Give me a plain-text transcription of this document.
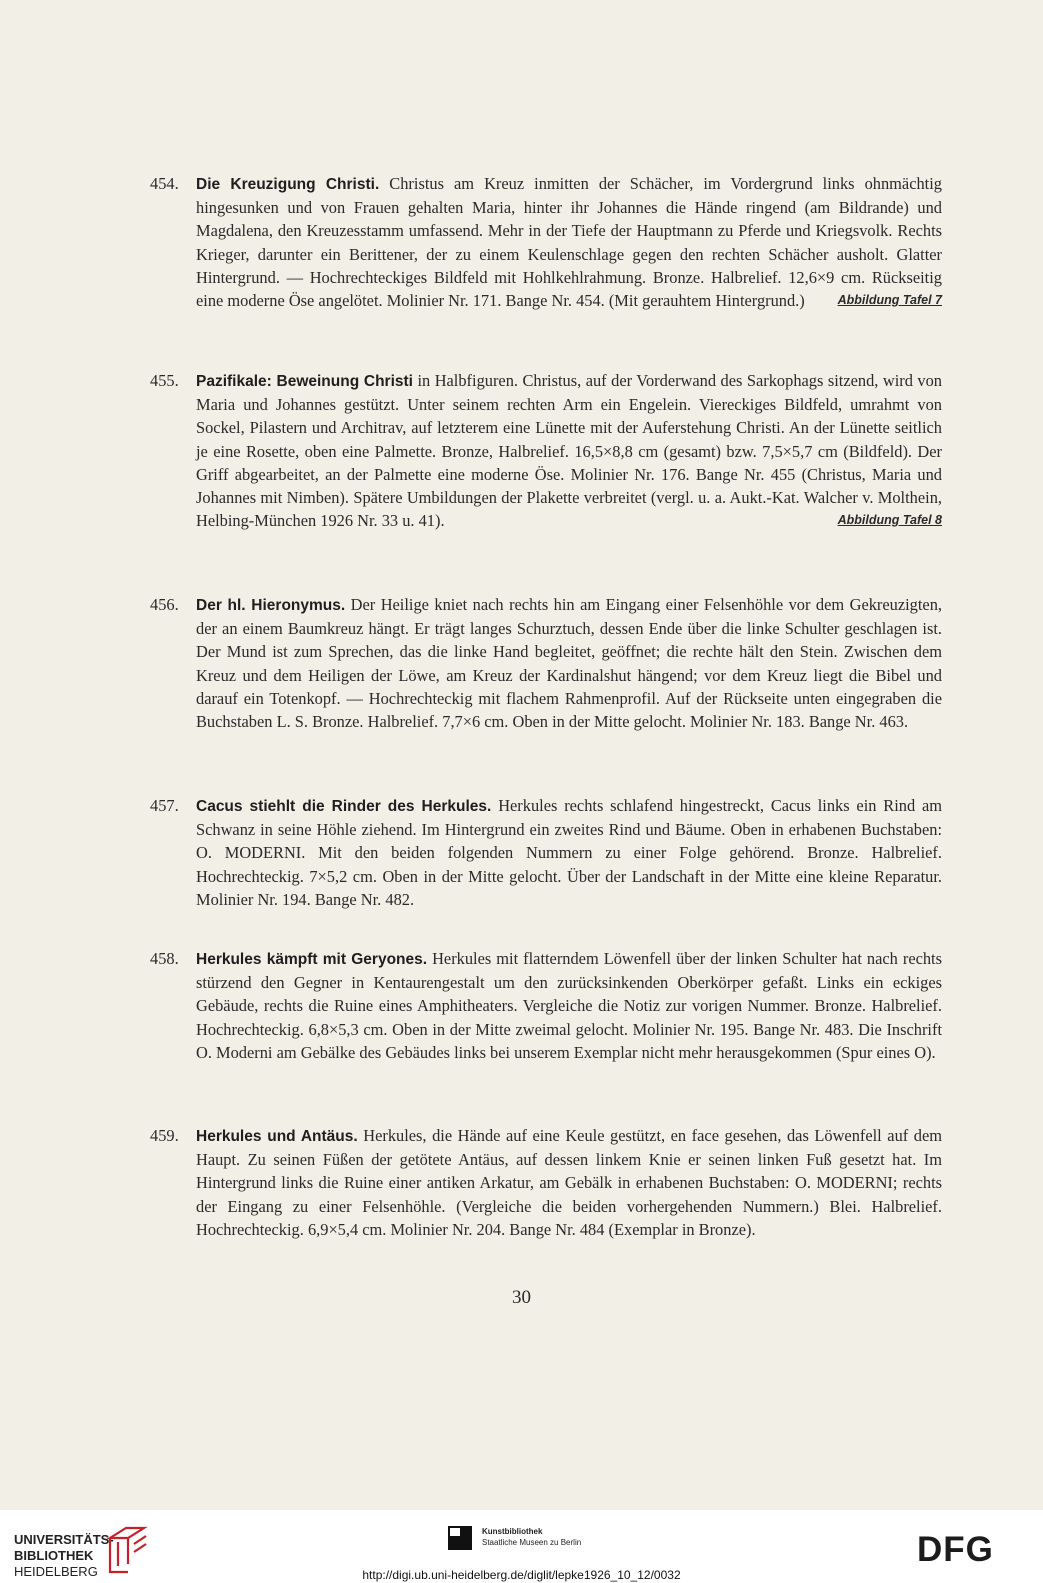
454. Die Kreuzigung Christi. Christus am Kreuz inmitten der Schächer, im Vordergrund links ohnmächtig hingesunken und von Frauen gehalten Maria, hinter ihr Johannes die Hände ringend (am Bildrande) und Magdalena, den Kreuzesstamm umfassend. Mehr in der Tiefe der Hauptmann zu Pferde und Kriegsvolk. Rechts Krieger, darunter ein Berittener, der zu einem Keulenschlage gegen den rechten Schächer ausholt. Glatter Hintergrund. — Hochrechteckiges Bildfeld mit Hohlkehlrahmung. Bronze. Halbrelief. 12,6×9 cm. Rückseitig eine moderne Öse angelötet. Molinier Nr. 171. Bange Nr. 454. (Mit gerauhtem Hintergrund.)	Abbildung Tafel 7
455. Pazifikale: Beweinung Christi in Halbfiguren. Christus, auf der Vorderwand des Sarkophags sitzend, wird von Maria und Johannes gestützt. Unter seinem rechten Arm ein Engelein. Viereckiges Bildfeld, umrahmt von Sockel, Pilastern und Architrav, auf letzterem eine Lünette mit der Auferstehung Christi. An der Lünette seitlich je eine Rosette, oben eine Palmette. Bronze, Halbrelief. 16,5×8,8 cm (gesamt) bzw. 7,5×5,7 cm (Bildfeld). Der Griff abgearbeitet, an der Palmette eine moderne Öse. Molinier Nr. 176. Bange Nr. 455 (Christus, Maria und Johannes mit Nimben). Spätere Umbildungen der Plakette verbreitet (vergl. u. a. Aukt.-Kat. Walcher v. Molthein, Helbing-München 1926 Nr. 33 u. 41).	Abbildung Tafel 8
456. Der hl. Hieronymus. Der Heilige kniet nach rechts hin am Eingang einer Felsenhöhle vor dem Gekreuzigten, der an einem Baumkreuz hängt. Er trägt langes Schurztuch, dessen Ende über die linke Schulter geschlagen ist. Der Mund ist zum Sprechen, das die linke Hand begleitet, geöffnet; die rechte hält den Stein. Zwischen dem Kreuz und dem Heiligen der Löwe, am Kreuz der Kardinalshut hängend; vor dem Kreuz liegt die Bibel und darauf ein Totenkopf. — Hochrechteckig mit flachem Rahmenprofil. Auf der Rückseite unten eingegraben die Buchstaben L. S. Bronze. Halbrelief. 7,7×6 cm. Oben in der Mitte gelocht. Molinier Nr. 183. Bange Nr. 463.
457. Cacus stiehlt die Rinder des Herkules. Herkules rechts schlafend hingestreckt, Cacus links ein Rind am Schwanz in seine Höhle ziehend. Im Hintergrund ein zweites Rind und Bäume. Oben in erhabenen Buchstaben: O. MODERNI. Mit den beiden folgenden Nummern zu einer Folge gehörend. Bronze. Halbrelief. Hochrechteckig. 7×5,2 cm. Oben in der Mitte gelocht. Über der Landschaft in der Mitte eine kleine Reparatur. Molinier Nr. 194. Bange Nr. 482.
458. Herkules kämpft mit Geryones. Herkules mit flatterndem Löwenfell über der linken Schulter hat nach rechts stürzend den Gegner in Kentaurengestalt um den zurücksinkenden Oberkörper gefaßt. Links ein eckiges Gebäude, rechts die Ruine eines Amphitheaters. Vergleiche die Notiz zur vorigen Nummer. Bronze. Halbrelief. Hochrechteckig. 6,8×5,3 cm. Oben in der Mitte zweimal gelocht. Molinier Nr. 195. Bange Nr. 483. Die Inschrift O. Moderni am Gebälke des Gebäudes links bei unserem Exemplar nicht mehr herausgekommen (Spur eines O).
459. Herkules und Antäus. Herkules, die Hände auf eine Keule gestützt, en face gesehen, das Löwenfell auf dem Haupt. Zu seinen Füßen der getötete Antäus, auf dessen linkem Knie er seinen linken Fuß gesetzt hat. Im Hintergrund links die Ruine einer antiken Arkatur, am Gebälk in erhabenen Buchstaben: O. MODERNI; rechts der Eingang zu einer Felsenhöhle. (Vergleiche die beiden vorhergehenden Nummern.) Blei. Halbrelief. Hochrechteckig. 6,9×5,4 cm. Molinier Nr. 204. Bange Nr. 484 (Exemplar in Bronze).
30
UNIVERSITÄTS-
BIBLIOTHEK
HEIDELBERG
Kunstbibliothek
Staatliche Museen zu Berlin	DFG
http://digi.ub.uni-heidelberg.de/diglit/lepke1926_10_12/0032
